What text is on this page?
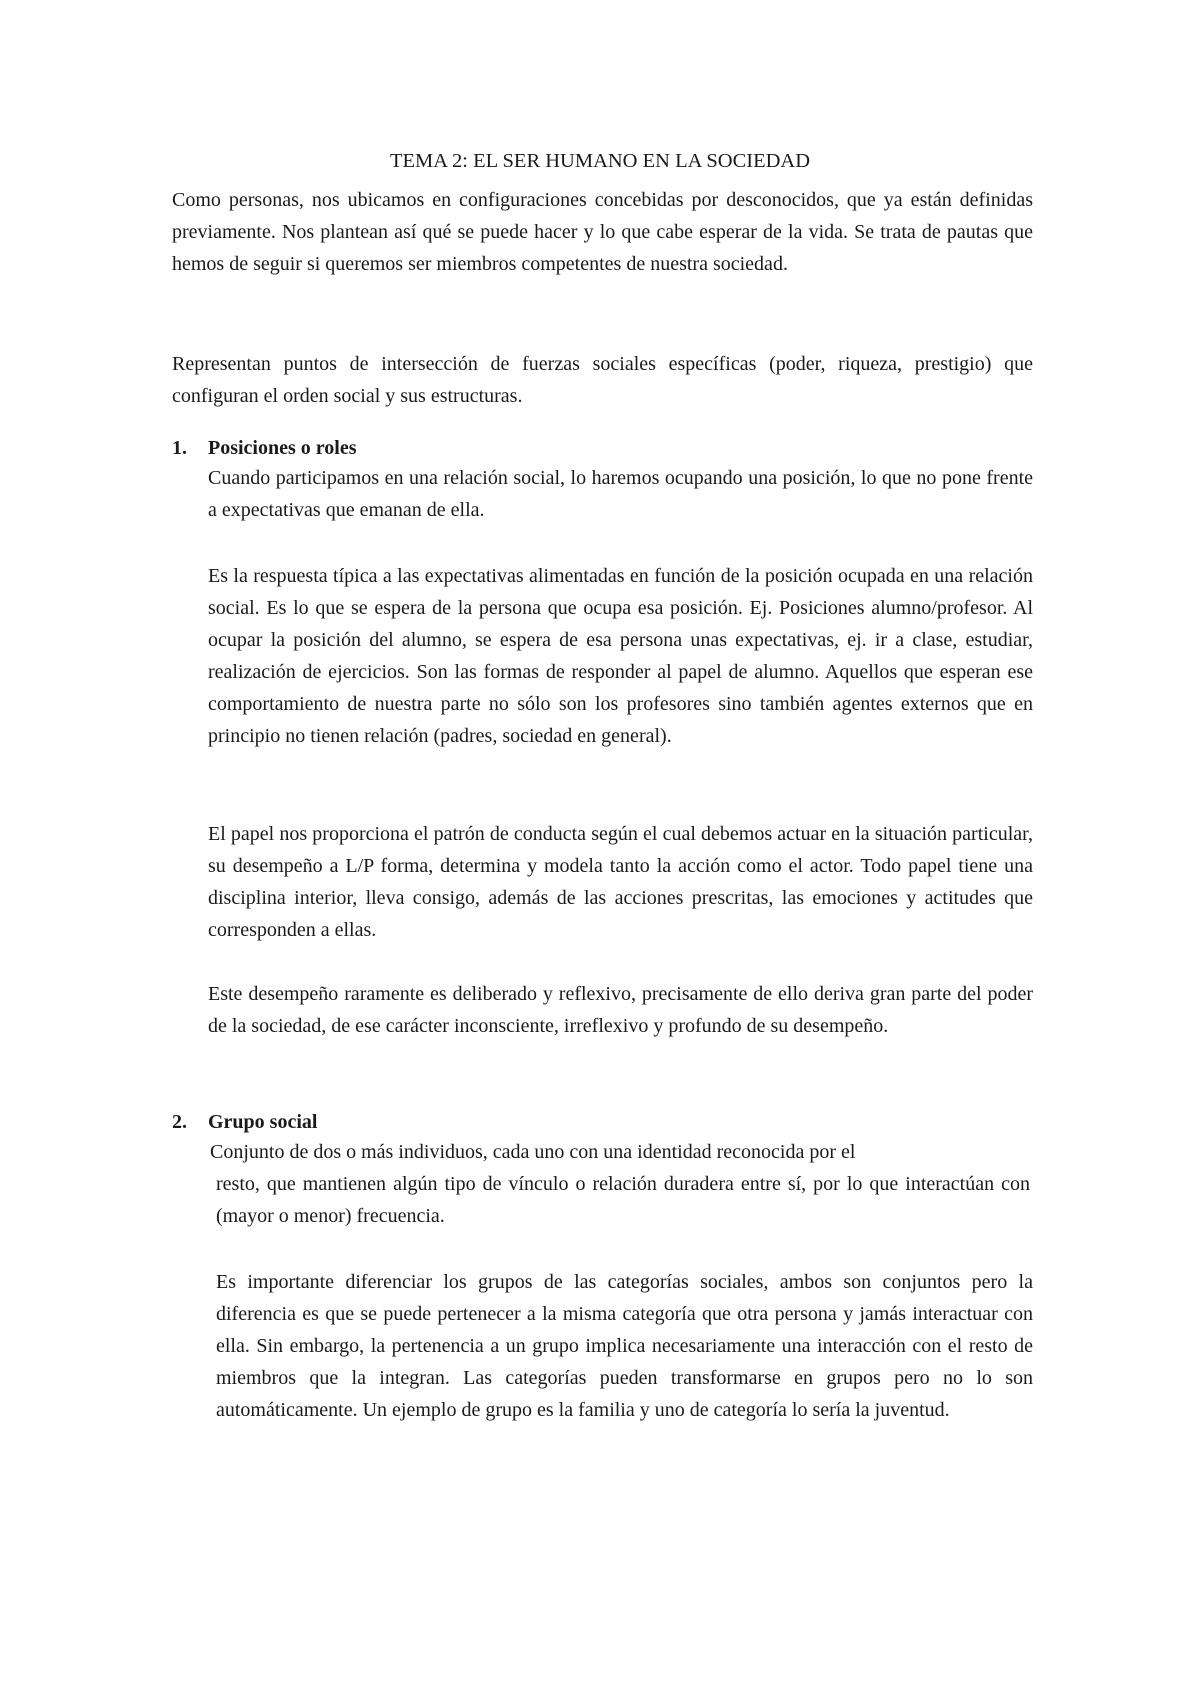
TEMA 2: EL SER HUMANO EN LA SOCIEDAD

Como personas, nos ubicamos en configuraciones concebidas por desconocidos, que ya están definidas previamente. Nos plantean así qué se puede hacer y lo que cabe esperar de la vida. Se trata de pautas que hemos de seguir si queremos ser miembros competentes de nuestra sociedad.

Representan puntos de intersección de fuerzas sociales específicas (poder, riqueza, prestigio) que configuran el orden social y sus estructuras.

1. Posiciones o roles

Cuando participamos en una relación social, lo haremos ocupando una posición, lo que no pone frente a expectativas que emanan de ella.

Es la respuesta típica a las expectativas alimentadas en función de la posición ocupada en una relación social. Es lo que se espera de la persona que ocupa esa posición. Ej. Posiciones alumno/profesor. Al ocupar la posición del alumno, se espera de esa persona unas expectativas, ej. ir a clase, estudiar, realización de ejercicios. Son las formas de responder al papel de alumno. Aquellos que esperan ese comportamiento de nuestra parte no sólo son los profesores sino también agentes externos que en principio no tienen relación (padres, sociedad en general).

El papel nos proporciona el patrón de conducta según el cual debemos actuar en la situación particular, su desempeño a L/P forma, determina y modela tanto la acción como el actor. Todo papel tiene una disciplina interior, lleva consigo, además de las acciones prescritas, las emociones y actitudes que corresponden a ellas.

Este desempeño raramente es deliberado y reflexivo, precisamente de ello deriva gran parte del poder de la sociedad, de ese carácter inconsciente, irreflexivo y profundo de su desempeño.

2. Grupo social
Conjunto de dos o más individuos, cada uno con una identidad reconocida por el
resto, que mantienen algún tipo de vínculo o relación duradera entre sí, por lo que interactúan con (mayor o menor) frecuencia.

Es importante diferenciar los grupos de las categorías sociales, ambos son conjuntos pero la diferencia es que se puede pertenecer a la misma categoría que otra persona y jamás interactuar con ella. Sin embargo, la pertenencia a un grupo implica necesariamente una interacción con el resto de miembros que la integran. Las categorías pueden transformarse en grupos pero no lo son automáticamente. Un ejemplo de grupo es la familia y uno de categoría lo sería la juventud.
